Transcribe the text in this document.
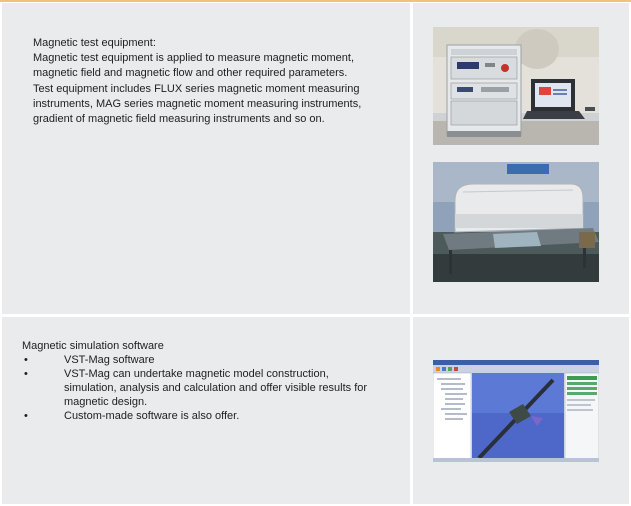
Magnetic test equipment:
Magnetic test equipment is applied to measure magnetic moment,
magnetic field and magnetic flow and other required parameters.
Test equipment includes FLUX series magnetic moment measuring
instruments, MAG series magnetic moment measuring instruments,
gradient of magnetic field measuring instruments and so on.
Magnetic simulation software
•	VST-Mag software
•	VST-Mag can undertake magnetic model construction,
simulation, analysis and calculation and offer visible results for
magnetic design.
•	Custom-made software is also offer.
